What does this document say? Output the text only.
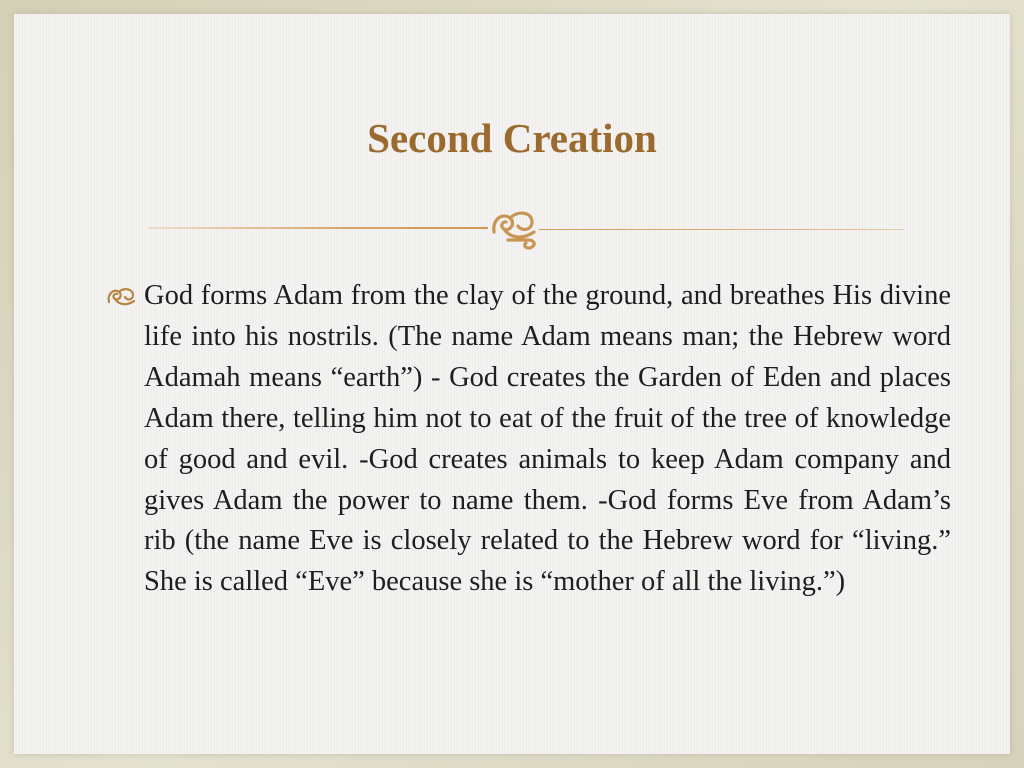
Second Creation

God forms Adam from the clay of the ground, and breathes His divine life into his nostrils. (The name Adam means man; the Hebrew word Adamah means “earth”) - God creates the Garden of Eden and places Adam there, telling him not to eat of the fruit of the tree of knowledge of good and evil. -God creates animals to keep Adam company and gives Adam the power to name them. -God forms Eve from Adam’s rib (the name Eve is closely related to the Hebrew word for “living.” She is called “Eve” because she is “mother of all the living.”)
